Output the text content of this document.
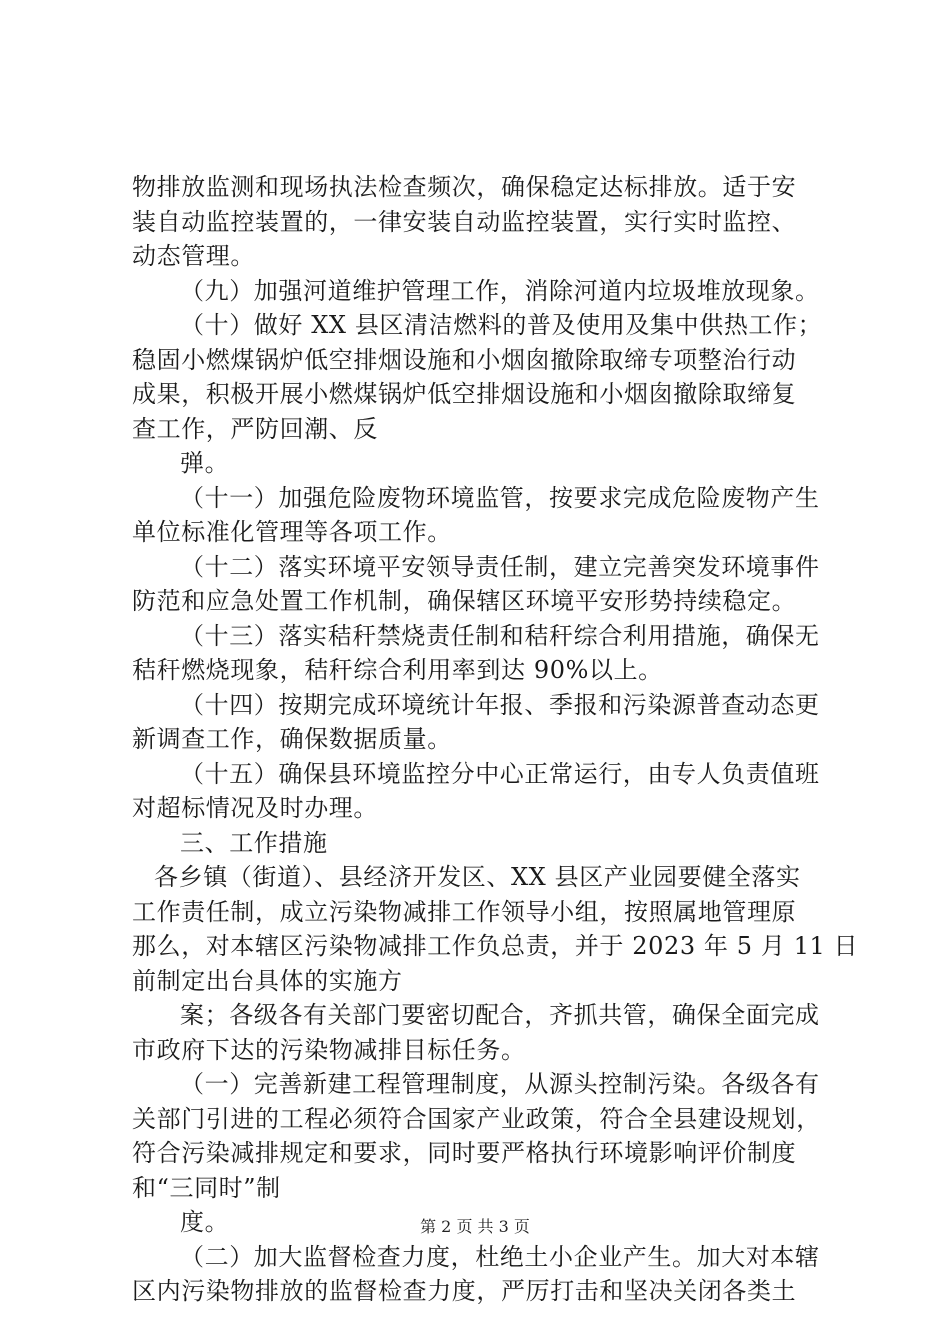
物排放监测和现场执法检查频次，确保稳定达标排放。适于安
装自动监控装置的，一律安装自动监控装置，实行实时监控、
动态管理。
（九）加强河道维护管理工作，消除河道内垃圾堆放现象。
（十）做好 XX 县区清洁燃料的普及使用及集中供热工作；
稳固小燃煤锅炉低空排烟设施和小烟囱撤除取缔专项整治行动
成果，积极开展小燃煤锅炉低空排烟设施和小烟囱撤除取缔复
查工作，严防回潮、反
弹。
（十一）加强危险废物环境监管，按要求完成危险废物产生
单位标准化管理等各项工作。
（十二）落实环境平安领导责任制，建立完善突发环境事件
防范和应急处置工作机制，确保辖区环境平安形势持续稳定。
（十三）落实秸秆禁烧责任制和秸秆综合利用措施，确保无
秸秆燃烧现象，秸秆综合利用率到达 90%以上。
（十四）按期完成环境统计年报、季报和污染源普查动态更
新调查工作，确保数据质量。
（十五）确保县环境监控分中心正常运行，由专人负责值班
对超标情况及时办理。
三、工作措施
各乡镇（街道）、县经济开发区、XX 县区产业园要健全落实
工作责任制，成立污染物减排工作领导小组，按照属地管理原
那么，对本辖区污染物减排工作负总责，并于 2023 年 5 月 11 日
前制定出台具体的实施方
案；各级各有关部门要密切配合，齐抓共管，确保全面完成
市政府下达的污染物减排目标任务。
（一）完善新建工程管理制度，从源头控制污染。各级各有
关部门引进的工程必须符合国家产业政策，符合全县建设规划，
符合污染减排规定和要求，同时要严格执行环境影响评价制度
和“三同时”制
度。
（二）加大监督检查力度，杜绝土小企业产生。加大对本辖
区内污染物排放的监督检查力度，严厉打击和坚决关闭各类土
第 2 页 共 3 页
